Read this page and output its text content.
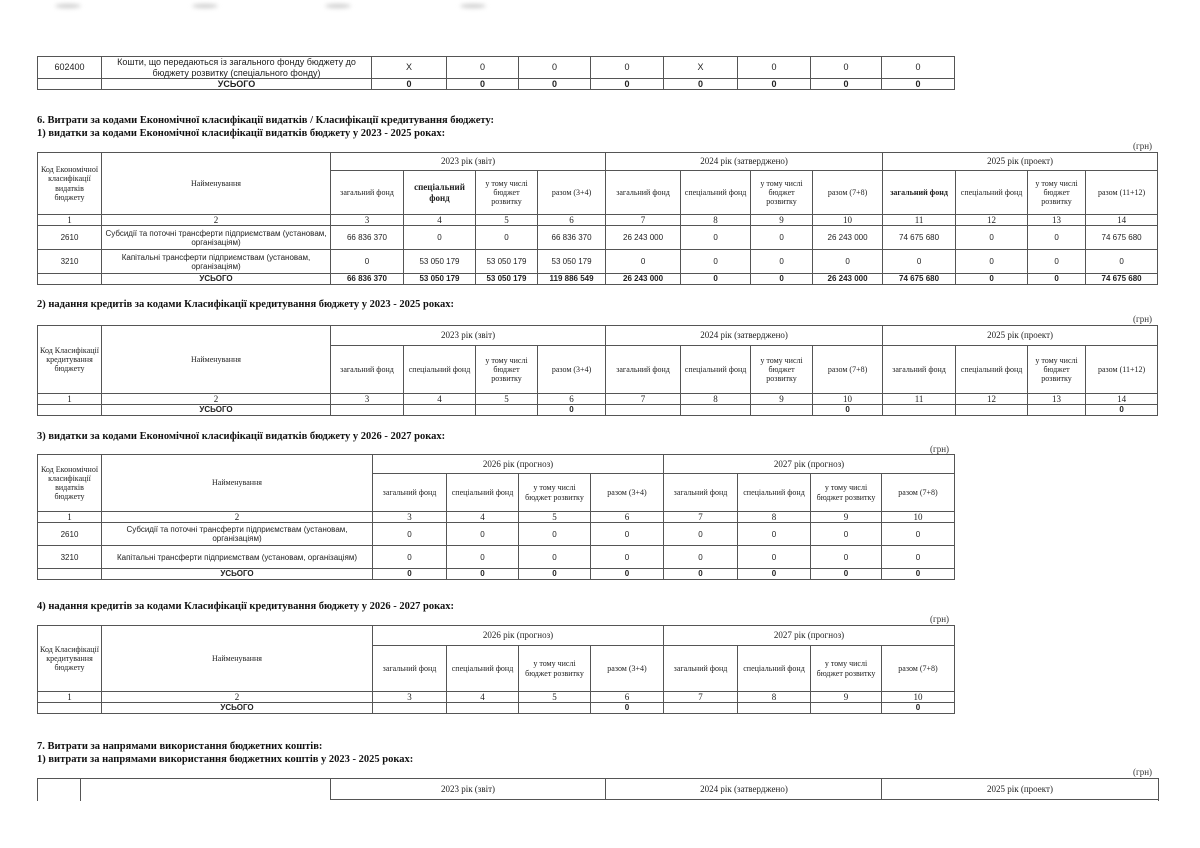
602400	Кошти, що передаються із загального фонду бюджету до бюджету розвитку (спеціального фонду)	X	0	0	0	X	0	0	0
	УСЬОГО	0	0	0	0	0	0	0	0
6. Витрати за кодами Економічної класифікації видатків / Класифікації кредитування бюджету:
1) видатки за кодами Економічної класифікації видатків бюджету у 2023 - 2025 роках:
(грн)
Код Економічної класифікації видатків бюджету	Найменування	2023 рік (звіт)				2024 рік (затверджено)				2025 рік (проект)			
		загальний фонд	спеціальний фонд	у тому числі бюджет розвитку	разом (3+4)	загальний фонд	спеціальний фонд	у тому числі бюджет розвитку	разом (7+8)	загальний фонд	спеціальний фонд	у тому числі бюджет розвитку	разом (11+12)
1	2	3	4	5	6	7	8	9	10	11	12	13	14
2610	Субсидії та поточні трансферти підприємствам (установам, організаціям)	66 836 370	0	0	66 836 370	26 243 000	0	0	26 243 000	74 675 680	0	0	74 675 680
3210	Капітальні трансферти підприємствам (установам, організаціям)	0	53 050 179	53 050 179	53 050 179	0	0	0	0	0	0	0	0
	УСЬОГО	66 836 370	53 050 179	53 050 179	119 886 549	26 243 000	0	0	26 243 000	74 675 680	0	0	74 675 680
2) надання кредитів за кодами Класифікації кредитування бюджету у 2023 - 2025 роках:
(грн)
Код Класифікації кредитування бюджету	Найменування	2023 рік (звіт)				2024 рік (затверджено)				2025 рік (проект)			
		загальний фонд	спеціальний фонд	у тому числі бюджет розвитку	разом (3+4)	загальний фонд	спеціальний фонд	у тому числі бюджет розвитку	разом (7+8)	загальний фонд	спеціальний фонд	у тому числі бюджет розвитку	разом (11+12)
1	2	3	4	5	6	7	8	9	10	11	12	13	14
	УСЬОГО				0				0				0
3) видатки за кодами Економічної класифікації видатків бюджету у 2026 - 2027 роках:
(грн)
Код Економічної класифікації видатків бюджету	Найменування	2026 рік (прогноз)				2027 рік (прогноз)			
		загальний фонд	спеціальний фонд	у тому числі бюджет розвитку	разом (3+4)	загальний фонд	спеціальний фонд	у тому числі бюджет розвитку	разом (7+8)
1	2	3	4	5	6	7	8	9	10
2610	Субсидії та поточні трансферти підприємствам (установам, організаціям)	0	0	0	0	0	0	0	0
3210	Капітальні трансферти підприємствам (установам, організаціям)	0	0	0	0	0	0	0	0
	УСЬОГО	0	0	0	0	0	0	0	0
4) надання кредитів за кодами Класифікації кредитування бюджету у 2026 - 2027 роках:
(грн)
Код Класифікації кредитування бюджету	Найменування	2026 рік (прогноз)				2027 рік (прогноз)			
		загальний фонд	спеціальний фонд	у тому числі бюджет розвитку	разом (3+4)	загальний фонд	спеціальний фонд	у тому числі бюджет розвитку	разом (7+8)
1	2	3	4	5	6	7	8	9	10
	УСЬОГО				0				0
7. Витрати за напрямами використання бюджетних коштів:
1) витрати за напрямами використання бюджетних коштів у 2023 - 2025 роках:
(грн)
2023 рік (звіт)	2024 рік (затверджено)	2025 рік (проект)
